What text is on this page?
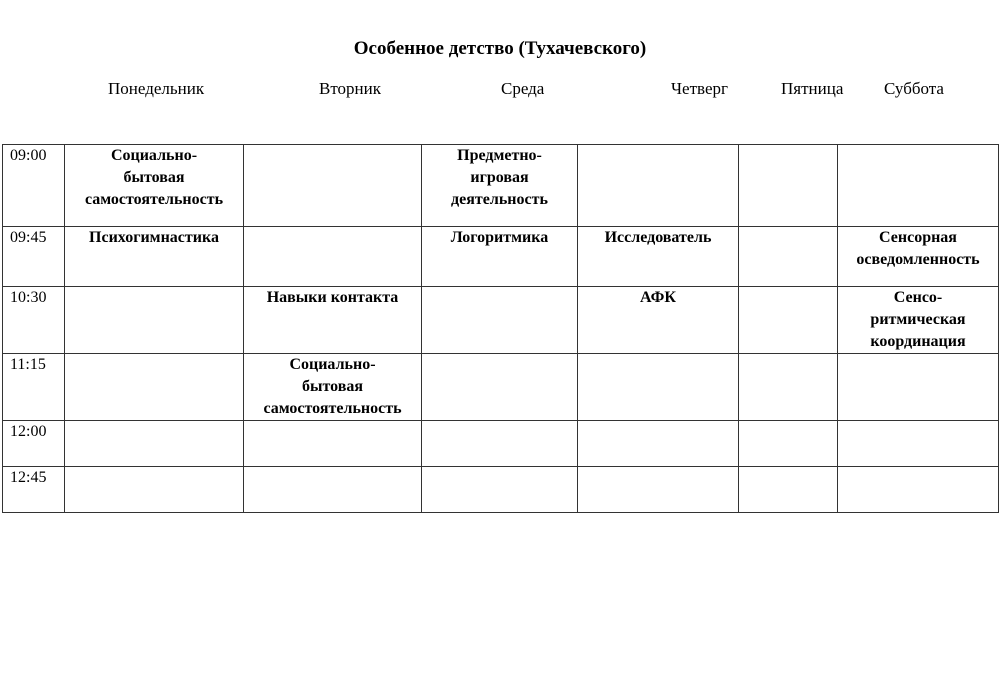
Особенное детство (Тухачевского)
Понедельник	Вторник	Среда	Четверг	Пятница Суббота
09:00	Социально-
бытовая
самостоятельность		Предметно-
игровая
деятельность			

09:45	Психогимнастика		Логоритмика	Исследователь		Сенсорная
осведомленность

10:30		Навыки контакта		АФК		Сенсо-
ритмическая
координация

11:15		Социально-
бытовая
самостоятельность				

12:00	

12:45	
